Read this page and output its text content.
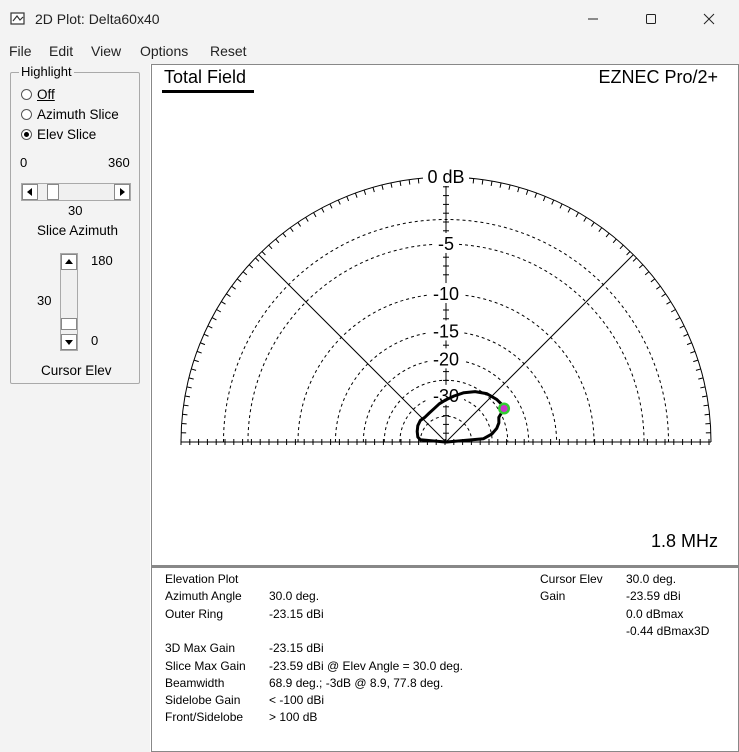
2D Plot: Delta60x40
File Edit View Options Reset
Highlight
Off
Azimuth Slice
Elev Slice
0	360
30
Slice Azimuth
180
30
0
Cursor Elev
Total Field	EZNEC Pro/2+
1.8 MHz
0 dB
-5
-10
-15
-20
-30
Elevation Plot
Azimuth Angle 30.0 deg.
Outer Ring	-23.15 dBi
3D Max Gain	-23.15 dBi
Slice Max Gain -23.59 dBi @ Elev Angle = 30.0 deg.
Beamwidth	68.9 deg.; -3dB @ 8.9, 77.8 deg.
Sidelobe Gain < -100 dBi
Front/Sidelobe > 100 dB
Cursor Elev 30.0 deg.
Gain	-23.59 dBi
0.0 dBmax
-0.44 dBmax3D
